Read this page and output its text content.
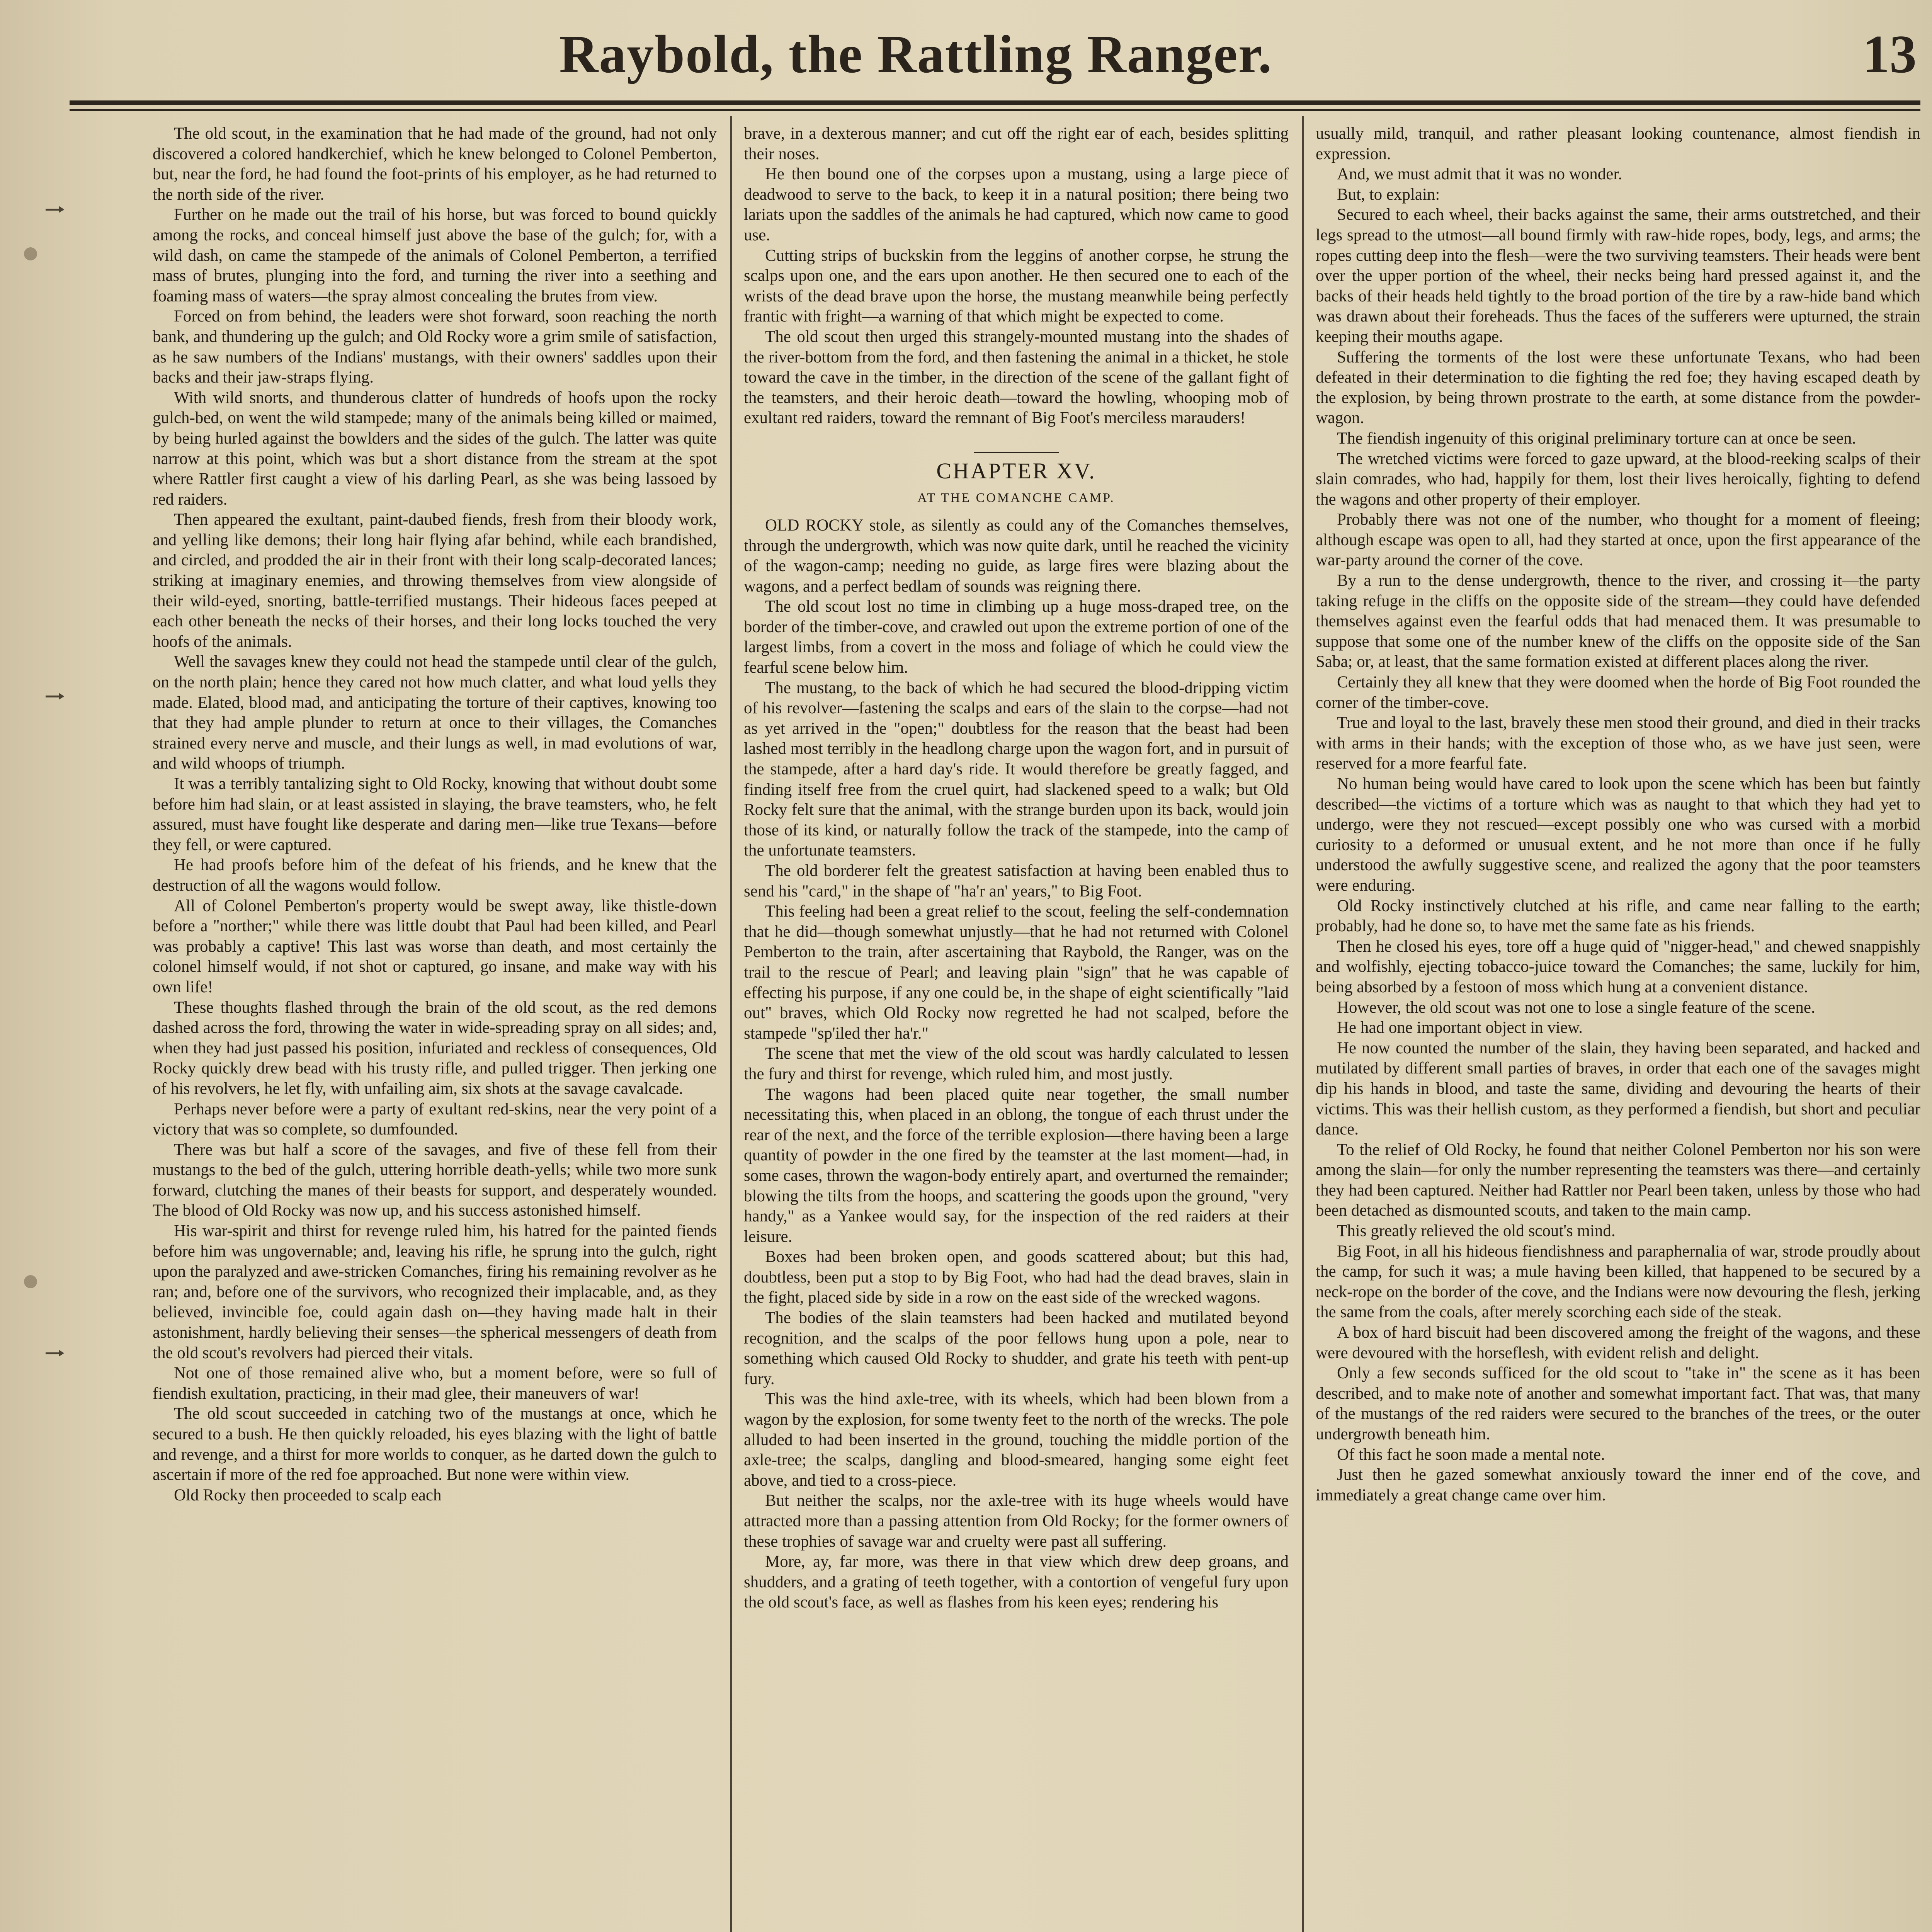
Raybold, the Rattling Ranger.	13

The old scout, in the examination that he had made of the ground, had not only discovered a colored handkerchief, which he knew belonged to Colonel Pemberton, but, near the ford, he had found the foot-prints of his employer, as he had returned to the north side of the river.

Further on he made out the trail of his horse, but was forced to bound quickly among the rocks, and conceal himself just above the base of the gulch; for, with a wild dash, on came the stampede of the animals of Colonel Pemberton, a terrified mass of brutes, plunging into the ford, and turning the river into a seething and foaming mass of waters—the spray almost concealing the brutes from view.

Forced on from behind, the leaders were shot forward, soon reaching the north bank, and thundering up the gulch; and Old Rocky wore a grim smile of satisfaction, as he saw numbers of the Indians' mustangs, with their owners' saddles upon their backs and their jaw-straps flying.

With wild snorts, and thunderous clatter of hundreds of hoofs upon the rocky gulch-bed, on went the wild stampede; many of the animals being killed or maimed, by being hurled against the bowlders and the sides of the gulch. The latter was quite narrow at this point, which was but a short distance from the stream at the spot where Rattler first caught a view of his darling Pearl, as she was being lassoed by red raiders.

Then appeared the exultant, paint-daubed fiends, fresh from their bloody work, and yelling like demons; their long hair flying afar behind, while each brandished, and circled, and prodded the air in their front with their long scalp-decorated lances; striking at imaginary enemies, and throwing themselves from view alongside of their wild-eyed, snorting, battle-terrified mustangs. Their hideous faces peeped at each other beneath the necks of their horses, and their long locks touched the very hoofs of the animals.

Well the savages knew they could not head the stampede until clear of the gulch, on the north plain; hence they cared not how much clatter, and what loud yells they made. Elated, blood mad, and anticipating the torture of their captives, knowing too that they had ample plunder to return at once to their villages, the Comanches strained every nerve and muscle, and their lungs as well, in mad evolutions of war, and wild whoops of triumph.

It was a terribly tantalizing sight to Old Rocky, knowing that without doubt some before him had slain, or at least assisted in slaying, the brave teamsters, who, he felt assured, must have fought like desperate and daring men—like true Texans—before they fell, or were captured.

He had proofs before him of the defeat of his friends, and he knew that the destruction of all the wagons would follow.

All of Colonel Pemberton's property would be swept away, like thistle-down before a "norther;" while there was little doubt that Paul had been killed, and Pearl was probably a captive! This last was worse than death, and most certainly the colonel himself would, if not shot or captured, go insane, and make way with his own life!

These thoughts flashed through the brain of the old scout, as the red demons dashed across the ford, throwing the water in wide-spreading spray on all sides; and, when they had just passed his position, infuriated and reckless of consequences, Old Rocky quickly drew bead with his trusty rifle, and pulled trigger. Then jerking one of his revolvers, he let fly, with unfailing aim, six shots at the savage cavalcade.

Perhaps never before were a party of exultant red-skins, near the very point of a victory that was so complete, so dumfounded.

There was but half a score of the savages, and five of these fell from their mustangs to the bed of the gulch, uttering horrible death-yells; while two more sunk forward, clutching the manes of their beasts for support, and desperately wounded. The blood of Old Rocky was now up, and his success astonished himself.

His war-spirit and thirst for revenge ruled him, his hatred for the painted fiends before him was ungovernable; and, leaving his rifle, he sprung into the gulch, right upon the paralyzed and awe-stricken Comanches, firing his remaining revolver as he ran; and, before one of the survivors, who recognized their implacable, and, as they believed, invincible foe, could again dash on—they having made halt in their astonishment, hardly believing their senses—the spherical messengers of death from the old scout's revolvers had pierced their vitals.

Not one of those remained alive who, but a moment before, were so full of fiendish exultation, practicing, in their mad glee, their maneuvers of war!

The old scout succeeded in catching two of the mustangs at once, which he secured to a bush. He then quickly reloaded, his eyes blazing with the light of battle and revenge, and a thirst for more worlds to conquer, as he darted down the gulch to ascertain if more of the red foe approached. But none were within view.

Old Rocky then proceeded to scalp each

brave, in a dexterous manner; and cut off the right ear of each, besides splitting their noses.

He then bound one of the corpses upon a mustang, using a large piece of deadwood to serve to the back, to keep it in a natural position; there being two lariats upon the saddles of the animals he had captured, which now came to good use.

Cutting strips of buckskin from the leggins of another corpse, he strung the scalps upon one, and the ears upon another. He then secured one to each of the wrists of the dead brave upon the horse, the mustang meanwhile being perfectly frantic with fright—a warning of that which might be expected to come.

The old scout then urged this strangely-mounted mustang into the shades of the river-bottom from the ford, and then fastening the animal in a thicket, he stole toward the cave in the timber, in the direction of the scene of the gallant fight of the teamsters, and their heroic death—toward the howling, whooping mob of exultant red raiders, toward the remnant of Big Foot's merciless marauders!

CHAPTER XV.
AT THE COMANCHE CAMP.

OLD ROCKY stole, as silently as could any of the Comanches themselves, through the undergrowth, which was now quite dark, until he reached the vicinity of the wagon-camp; needing no guide, as large fires were blazing about the wagons, and a perfect bedlam of sounds was reigning there.

The old scout lost no time in climbing up a huge moss-draped tree, on the border of the timber-cove, and crawled out upon the extreme portion of one of the largest limbs, from a covert in the moss and foliage of which he could view the fearful scene below him.

The mustang, to the back of which he had secured the blood-dripping victim of his revolver—fastening the scalps and ears of the slain to the corpse—had not as yet arrived in the "open;" doubtless for the reason that the beast had been lashed most terribly in the headlong charge upon the wagon fort, and in pursuit of the stampede, after a hard day's ride. It would therefore be greatly fagged, and finding itself free from the cruel quirt, had slackened speed to a walk; but Old Rocky felt sure that the animal, with the strange burden upon its back, would join those of its kind, or naturally follow the track of the stampede, into the camp of the unfortunate teamsters.

The old borderer felt the greatest satisfaction at having been enabled thus to send his "card," in the shape of "ha'r an' years," to Big Foot.

This feeling had been a great relief to the scout, feeling the self-condemnation that he did—though somewhat unjustly—that he had not returned with Colonel Pemberton to the train, after ascertaining that Raybold, the Ranger, was on the trail to the rescue of Pearl; and leaving plain "sign" that he was capable of effecting his purpose, if any one could be, in the shape of eight scientifically "laid out" braves, which Old Rocky now regretted he had not scalped, before the stampede "sp'iled ther ha'r."

The scene that met the view of the old scout was hardly calculated to lessen the fury and thirst for revenge, which ruled him, and most justly.

The wagons had been placed quite near together, the small number necessitating this, when placed in an oblong, the tongue of each thrust under the rear of the next, and the force of the terrible explosion—there having been a large quantity of powder in the one fired by the teamster at the last moment—had, in some cases, thrown the wagon-body entirely apart, and overturned the remainder; blowing the tilts from the hoops, and scattering the goods upon the ground, "very handy," as a Yankee would say, for the inspection of the red raiders at their leisure.

Boxes had been broken open, and goods scattered about; but this had, doubtless, been put a stop to by Big Foot, who had had the dead braves, slain in the fight, placed side by side in a row on the east side of the wrecked wagons.

The bodies of the slain teamsters had been hacked and mutilated beyond recognition, and the scalps of the poor fellows hung upon a pole, near to something which caused Old Rocky to shudder, and grate his teeth with pent-up fury.

This was the hind axle-tree, with its wheels, which had been blown from a wagon by the explosion, for some twenty feet to the north of the wrecks. The pole alluded to had been inserted in the ground, touching the middle portion of the axle-tree; the scalps, dangling and blood-smeared, hanging some eight feet above, and tied to a cross-piece.

But neither the scalps, nor the axle-tree with its huge wheels would have attracted more than a passing attention from Old Rocky; for the former owners of these trophies of savage war and cruelty were past all suffering.

More, ay, far more, was there in that view which drew deep groans, and shudders, and a grating of teeth together, with a contortion of vengeful fury upon the old scout's face, as well as flashes from his keen eyes; rendering his

usually mild, tranquil, and rather pleasant looking countenance, almost fiendish in expression.

And, we must admit that it was no wonder.

But, to explain:

Secured to each wheel, their backs against the same, their arms outstretched, and their legs spread to the utmost—all bound firmly with raw-hide ropes, body, legs, and arms; the ropes cutting deep into the flesh—were the two surviving teamsters. Their heads were bent over the upper portion of the wheel, their necks being hard pressed against it, and the backs of their heads held tightly to the broad portion of the tire by a raw-hide band which was drawn about their foreheads. Thus the faces of the sufferers were upturned, the strain keeping their mouths agape.

Suffering the torments of the lost were these unfortunate Texans, who had been defeated in their determination to die fighting the red foe; they having escaped death by the explosion, by being thrown prostrate to the earth, at some distance from the powder-wagon.

The fiendish ingenuity of this original preliminary torture can at once be seen.

The wretched victims were forced to gaze upward, at the blood-reeking scalps of their slain comrades, who had, happily for them, lost their lives heroically, fighting to defend the wagons and other property of their employer.

Probably there was not one of the number, who thought for a moment of fleeing; although escape was open to all, had they started at once, upon the first appearance of the war-party around the corner of the cove.

By a run to the dense undergrowth, thence to the river, and crossing it—the party taking refuge in the cliffs on the opposite side of the stream—they could have defended themselves against even the fearful odds that had menaced them. It was presumable to suppose that some one of the number knew of the cliffs on the opposite side of the San Saba; or, at least, that the same formation existed at different places along the river.

Certainly they all knew that they were doomed when the horde of Big Foot rounded the corner of the timber-cove.

True and loyal to the last, bravely these men stood their ground, and died in their tracks with arms in their hands; with the exception of those who, as we have just seen, were reserved for a more fearful fate.

No human being would have cared to look upon the scene which has been but faintly described—the victims of a torture which was as naught to that which they had yet to undergo, were they not rescued—except possibly one who was cursed with a morbid curiosity to a deformed or unusual extent, and he not more than once if he fully understood the awfully suggestive scene, and realized the agony that the poor teamsters were enduring.

Old Rocky instinctively clutched at his rifle, and came near falling to the earth; probably, had he done so, to have met the same fate as his friends.

Then he closed his eyes, tore off a huge quid of "nigger-head," and chewed snappishly and wolfishly, ejecting tobacco-juice toward the Comanches; the same, luckily for him, being absorbed by a festoon of moss which hung at a convenient distance.

However, the old scout was not one to lose a single feature of the scene.

He had one important object in view.

He now counted the number of the slain, they having been separated, and hacked and mutilated by different small parties of braves, in order that each one of the savages might dip his hands in blood, and taste the same, dividing and devouring the hearts of their victims. This was their hellish custom, as they performed a fiendish, but short and peculiar dance.

To the relief of Old Rocky, he found that neither Colonel Pemberton nor his son were among the slain—for only the number representing the teamsters was there—and certainly they had been captured. Neither had Rattler nor Pearl been taken, unless by those who had been detached as dismounted scouts, and taken to the main camp.

This greatly relieved the old scout's mind.

Big Foot, in all his hideous fiendishness and paraphernalia of war, strode proudly about the camp, for such it was; a mule having been killed, that happened to be secured by a neck-rope on the border of the cove, and the Indians were now devouring the flesh, jerking the same from the coals, after merely scorching each side of the steak.

A box of hard biscuit had been discovered among the freight of the wagons, and these were devoured with the horseflesh, with evident relish and delight.

Only a few seconds sufficed for the old scout to "take in" the scene as it has been described, and to make note of another and somewhat important fact. That was, that many of the mustangs of the red raiders were secured to the branches of the trees, or the outer undergrowth beneath him.

Of this fact he soon made a mental note.

Just then he gazed somewhat anxiously toward the inner end of the cove, and immediately a great change came over him.
